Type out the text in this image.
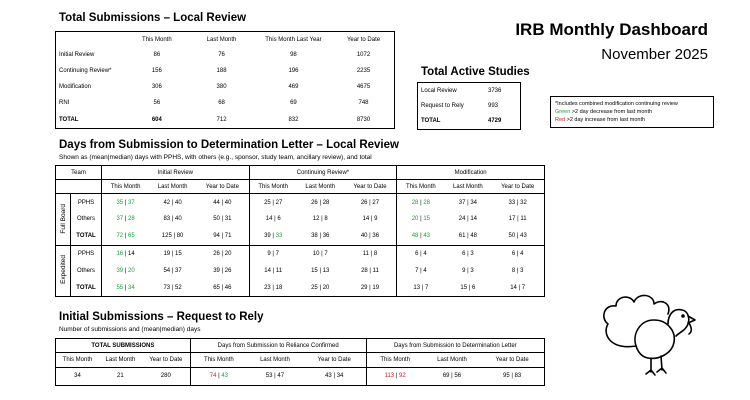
Total Submissions – Local Review
	This Month	Last Month	This Month Last Year	Year to Date
Initial Review	86	76	98	1072
Continuing Review*	156	188	196	2235
Modification	306	380	469	4675
RNI	56	68	69	748
TOTAL	604	712	832	8730
IRB Monthly Dashboard
November 2025
Total Active Studies
Local Review	3736
Request to Rely	993
TOTAL	4729
*Includes combined modification continuing review
Green >2 day decrease from last month
Red >2 day increase from last month
Days from Submission to Determination Letter – Local Review
Shown as (mean|median) days with PPHS, with others (e.g., sponsor, study team, ancillary review), and total
Team		Initial Review			Continuing Review*			Modification		
		This Month	Last Month	Year to Date	This Month	Last Month	Year to Date	This Month	Last Month	Year to Date
Full Board	PPHS	35 | 37	42 | 40	44 | 40	25 | 27	26 | 28	26 | 27	28 | 28	37 | 34	33 | 32
	Others	37 | 28	83 | 40	50 | 31	14 | 6	12 | 8	14 | 9	20 | 15	24 | 14	17 | 11
	TOTAL	72 | 65	125 | 80	94 | 71	39 | 33	38 | 36	40 | 36	48 | 43	61 | 48	50 | 43
Expedited	PPHS	16 | 14	19 | 15	26 | 20	9 | 7	10 | 7	11 | 8	6 | 4	6 | 3	6 | 4
	Others	39 | 20	54 | 37	39 | 26	14 | 11	15 | 13	28 | 11	7 | 4	9 | 3	8 | 3
	TOTAL	55 | 34	73 | 52	65 | 46	23 | 18	25 | 20	29 | 19	13 | 7	15 | 6	14 | 7
Initial Submissions – Request to Rely
Number of submissions and (mean|median) days
TOTAL SUBMISSIONS			Days from Submission to Reliance Confirmed			Days from Submission to Determination Letter		
This Month	Last Month	Year to Date	This Month	Last Month	Year to Date	This Month	Last Month	Year to Date
34	21	280	74 | 43	53 | 47	43 | 34	113 | 92	69 | 56	95 | 83
